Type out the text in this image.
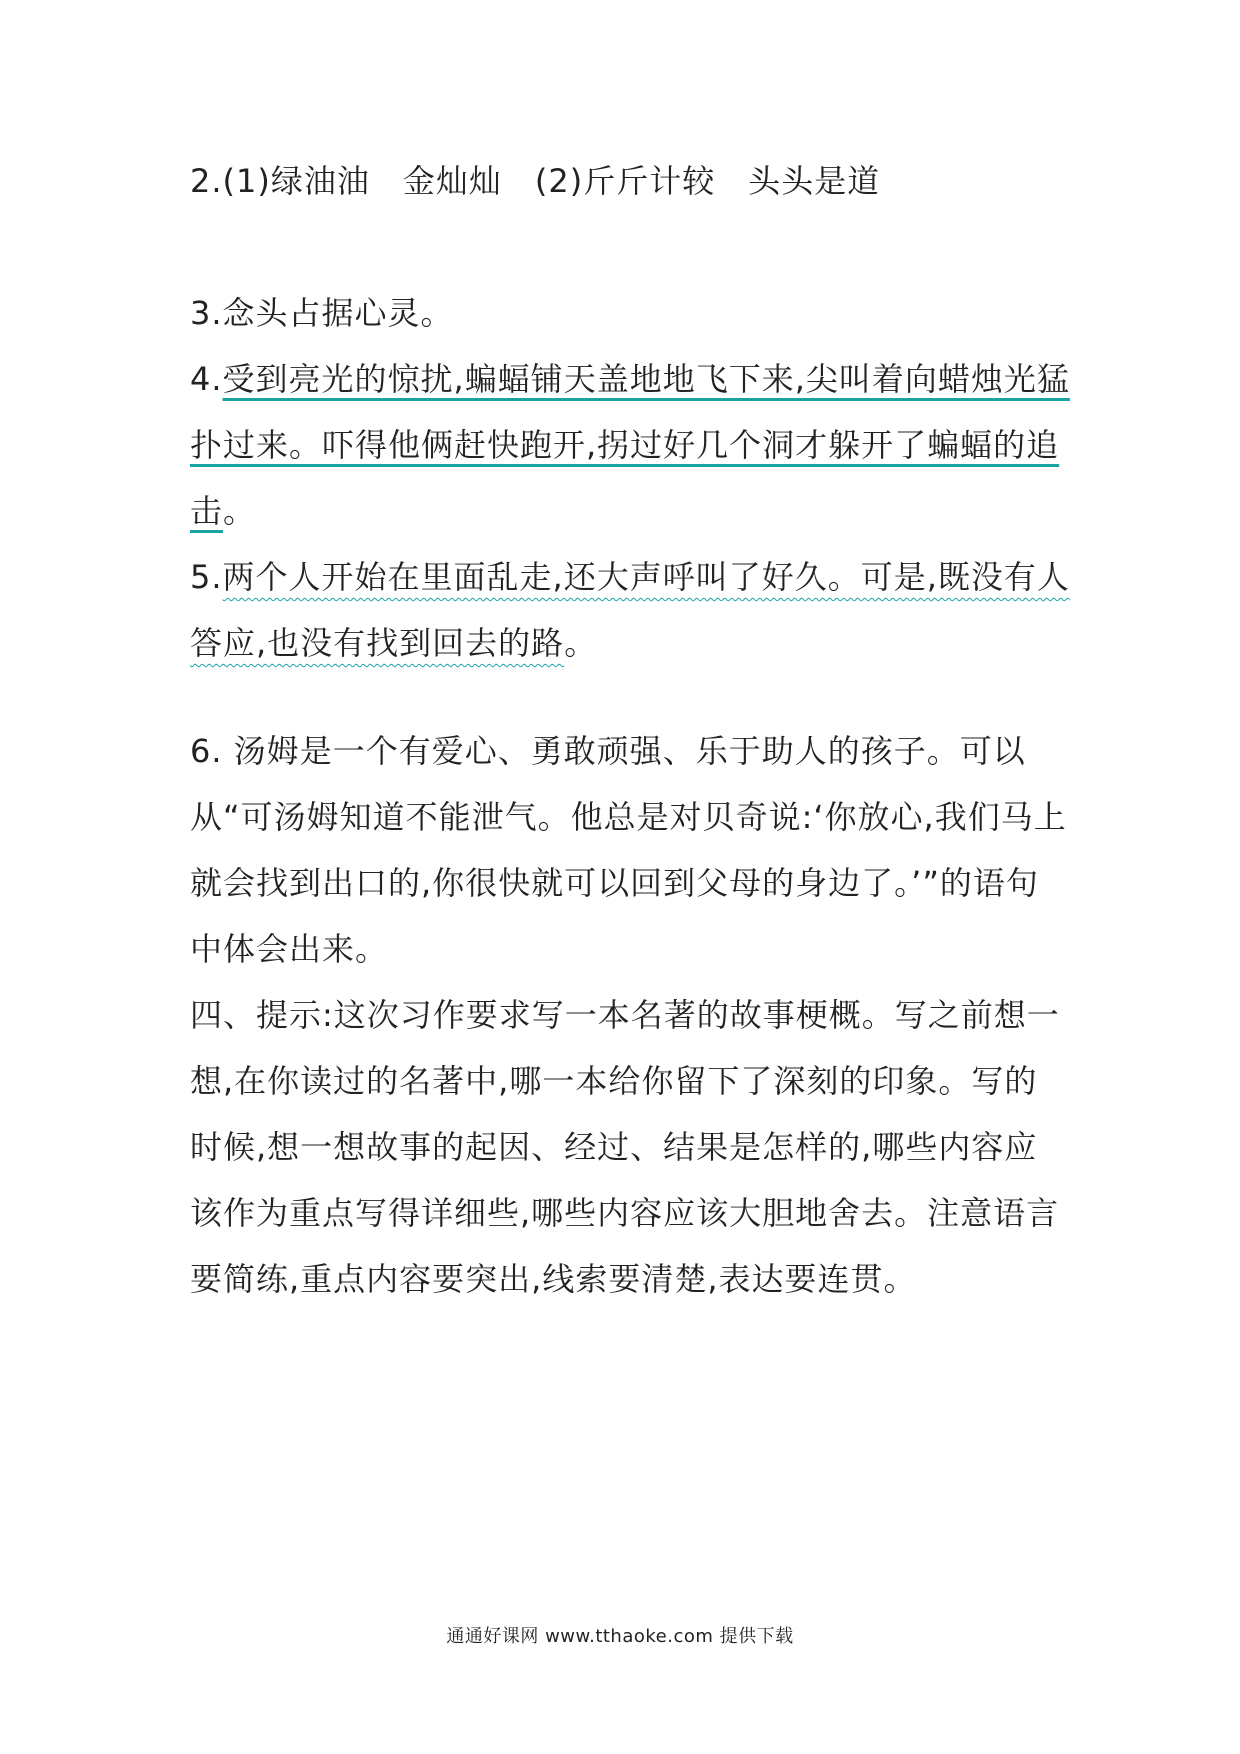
2.(1)绿油油  金灿灿  (2)斤斤计较  头头是道

3.念头占据心灵。

4.受到亮光的惊扰,蝙蝠铺天盖地地飞下来,尖叫着向蜡烛光猛扑过来。吓得他俩赶快跑开,拐过好几个洞才躲开了蝙蝠的追击。

5.两个人开始在里面乱走,还大声呼叫了好久。可是,既没有人答应,也没有找到回去的路。

6. 汤姆是一个有爱心、勇敢顽强、乐于助人的孩子。可以从“可汤姆知道不能泄气。他总是对贝奇说:‘你放心,我们马上就会找到出口的,你很快就可以回到父母的身边了。’”的语句中体会出来。

四、提示:这次习作要求写一本名著的故事梗概。写之前想一想,在你读过的名著中,哪一本给你留下了深刻的印象。写的时候,想一想故事的起因、经过、结果是怎样的,哪些内容应该作为重点写得详细些,哪些内容应该大胆地舍去。注意语言要简练,重点内容要突出,线索要清楚,表达要连贯。

通通好课网 www.tthaoke.com 提供下载
